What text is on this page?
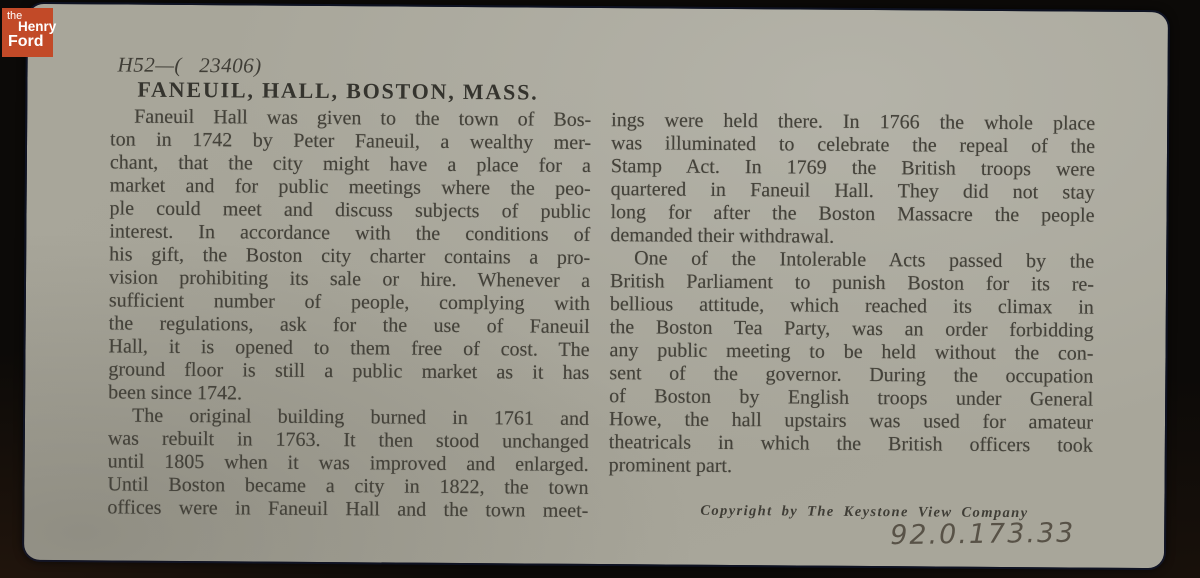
H52—(   23406)
FANEUIL, HALL, BOSTON, MASS.
Faneuil Hall was given to the town of Bos-
ton in 1742 by Peter Faneuil, a wealthy mer-
chant, that the city might have a place for a
market and for public meetings where the peo-
ple could meet and discuss subjects of public
interest. In accordance with the conditions of
his gift, the Boston city charter contains a pro-
vision prohibiting its sale or hire. Whenever a
sufficient number of people, complying with
the regulations, ask for the use of Faneuil
Hall, it is opened to them free of cost. The
ground floor is still a public market as it has
been since 1742.
The original building burned in 1761 and
was rebuilt in 1763. It then stood unchanged
until 1805 when it was improved and enlarged.
Until Boston became a city in 1822, the town
offices were in Faneuil Hall and the town meet-
ings were held there. In 1766 the whole place
was illuminated to celebrate the repeal of the
Stamp Act. In 1769 the British troops were
quartered in Faneuil Hall. They did not stay
long for after the Boston Massacre the people
demanded their withdrawal.
One of the Intolerable Acts passed by the
British Parliament to punish Boston for its re-
bellious attitude, which reached its climax in
the Boston Tea Party, was an order forbidding
any public meeting to be held without the con-
sent of the governor. During the occupation
of Boston by English troops under General
Howe, the hall upstairs was used for amateur
theatricals in which the British officers took
prominent part.
Copyright by The Keystone View Company
92.0.173.33
the
Henry
Ford
